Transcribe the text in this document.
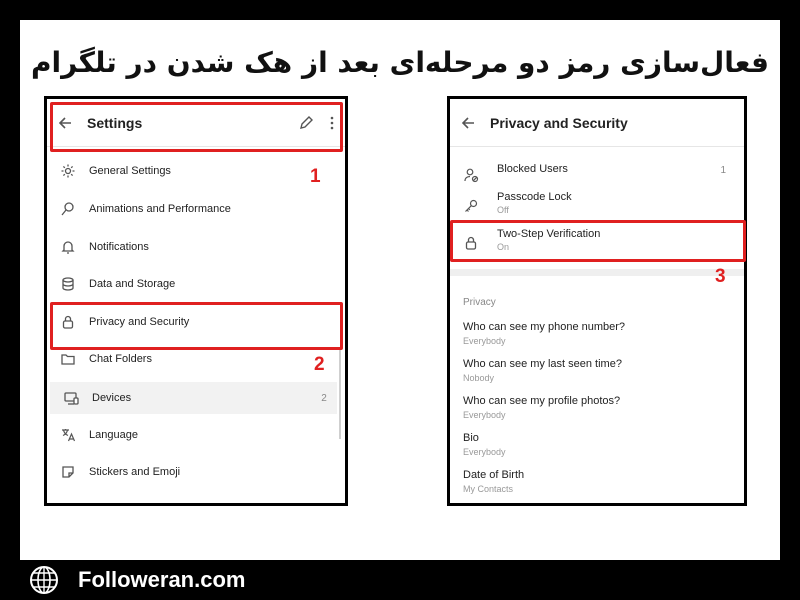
فعال‌سازی رمز دو مرحله‌ای بعد از هک شدن در تلگرام
Settings
General Settings
Animations and Performance
Notifications
Data and Storage
Privacy and Security
Chat Folders
Devices	2
Language
Stickers and Emoji
Privacy and Security
Blocked Users	1
Passcode Lock
Off
Two-Step Verification
On
Privacy
Who can see my phone number?
Everybody
Who can see my last seen time?
Nobody
Who can see my profile photos?
Everybody
Bio
Everybody
Date of Birth
My Contacts
1
2
3
Followeran.com
